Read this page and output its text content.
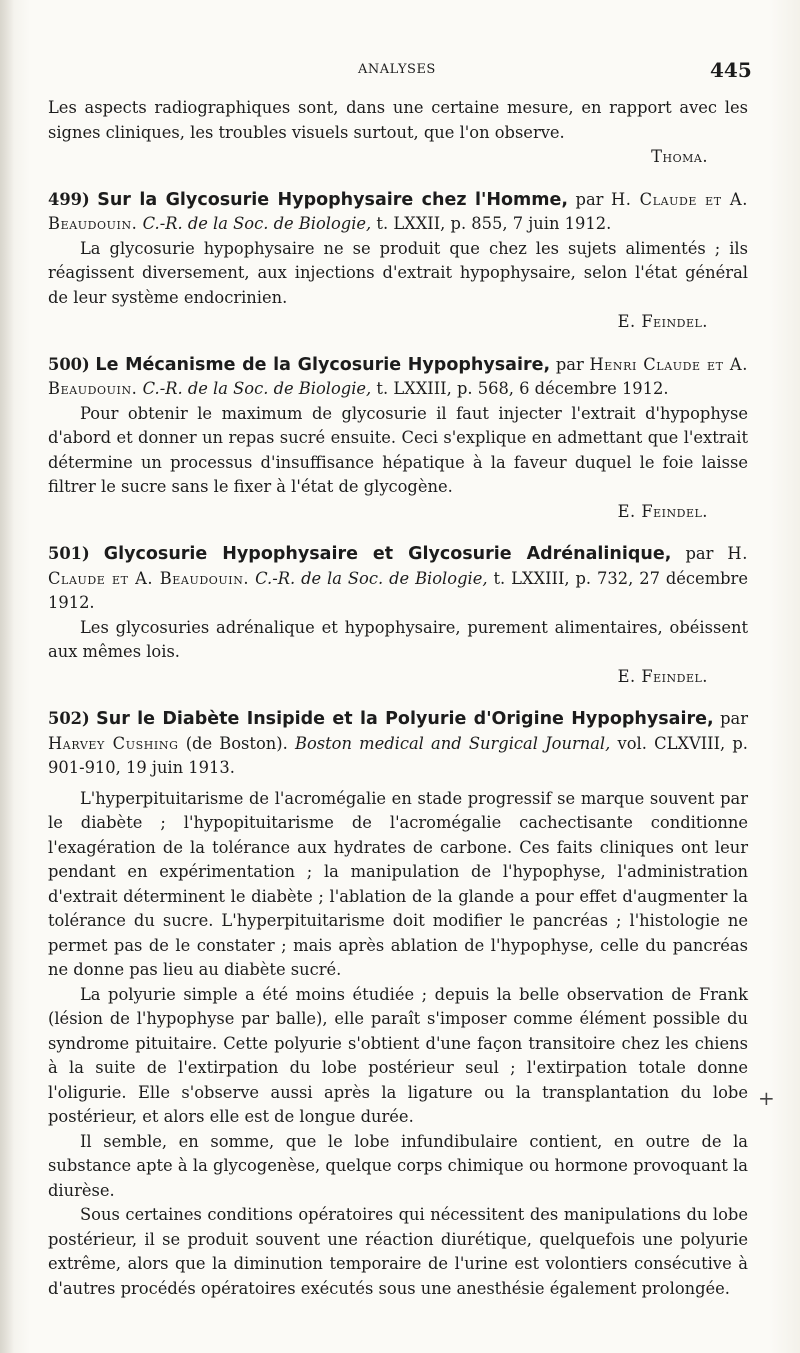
ANALYSES	445

Les aspects radiographiques sont, dans une certaine mesure, en rapport avec les signes cliniques, les troubles visuels surtout, que l'on observe.

Thoma.

499) Sur la Glycosurie Hypophysaire chez l'Homme, par H. Claude et A. Beaudouin. C.-R. de la Soc. de Biologie, t. LXXII, p. 855, 7 juin 1912.

La glycosurie hypophysaire ne se produit que chez les sujets alimentés ; ils réagissent diversement, aux injections d'extrait hypophysaire, selon l'état général de leur système endocrinien.

E. Feindel.

500) Le Mécanisme de la Glycosurie Hypophysaire, par Henri Claude et A. Beaudouin. C.-R. de la Soc. de Biologie, t. LXXIII, p. 568, 6 décembre 1912.

Pour obtenir le maximum de glycosurie il faut injecter l'extrait d'hypophyse d'abord et donner un repas sucré ensuite. Ceci s'explique en admettant que l'extrait détermine un processus d'insuffisance hépatique à la faveur duquel le foie laisse filtrer le sucre sans le fixer à l'état de glycogène.

E. Feindel.

501) Glycosurie Hypophysaire et Glycosurie Adrénalinique, par H. Claude et A. Beaudouin. C.-R. de la Soc. de Biologie, t. LXXIII, p. 732, 27 décembre 1912.

Les glycosuries adrénalique et hypophysaire, purement alimentaires, obéissent aux mêmes lois.

E. Feindel.

502) Sur le Diabète Insipide et la Polyurie d'Origine Hypophysaire, par Harvey Cushing (de Boston). Boston medical and Surgical Journal, vol. CLXVIII, p. 901-910, 19 juin 1913.

L'hyperpituitarisme de l'acromégalie en stade progressif se marque souvent par le diabète ; l'hypopituitarisme de l'acromégalie cachectisante conditionne l'exagération de la tolérance aux hydrates de carbone. Ces faits cliniques ont leur pendant en expérimentation ; la manipulation de l'hypophyse, l'administration d'extrait déterminent le diabète ; l'ablation de la glande a pour effet d'augmenter la tolérance du sucre. L'hyperpituitarisme doit modifier le pancréas ; l'histologie ne permet pas de le constater ; mais après ablation de l'hypophyse, celle du pancréas ne donne pas lieu au diabète sucré.

La polyurie simple a été moins étudiée ; depuis la belle observation de Frank (lésion de l'hypophyse par balle), elle paraît s'imposer comme élément possible du syndrome pituitaire. Cette polyurie s'obtient d'une façon transitoire chez les chiens à la suite de l'extirpation du lobe postérieur seul ; l'extirpation totale donne l'oligurie. Elle s'observe aussi après la ligature ou la transplantation du lobe postérieur, et alors elle est de longue durée.

Il semble, en somme, que le lobe infundibulaire contient, en outre de la substance apte à la glycogenèse, quelque corps chimique ou hormone provoquant la diurèse.

Sous certaines conditions opératoires qui nécessitent des manipulations du lobe postérieur, il se produit souvent une réaction diurétique, quelquefois une polyurie extrême, alors que la diminution temporaire de l'urine est volontiers consécutive à d'autres procédés opératoires exécutés sous une anesthésie également prolongée.

+
